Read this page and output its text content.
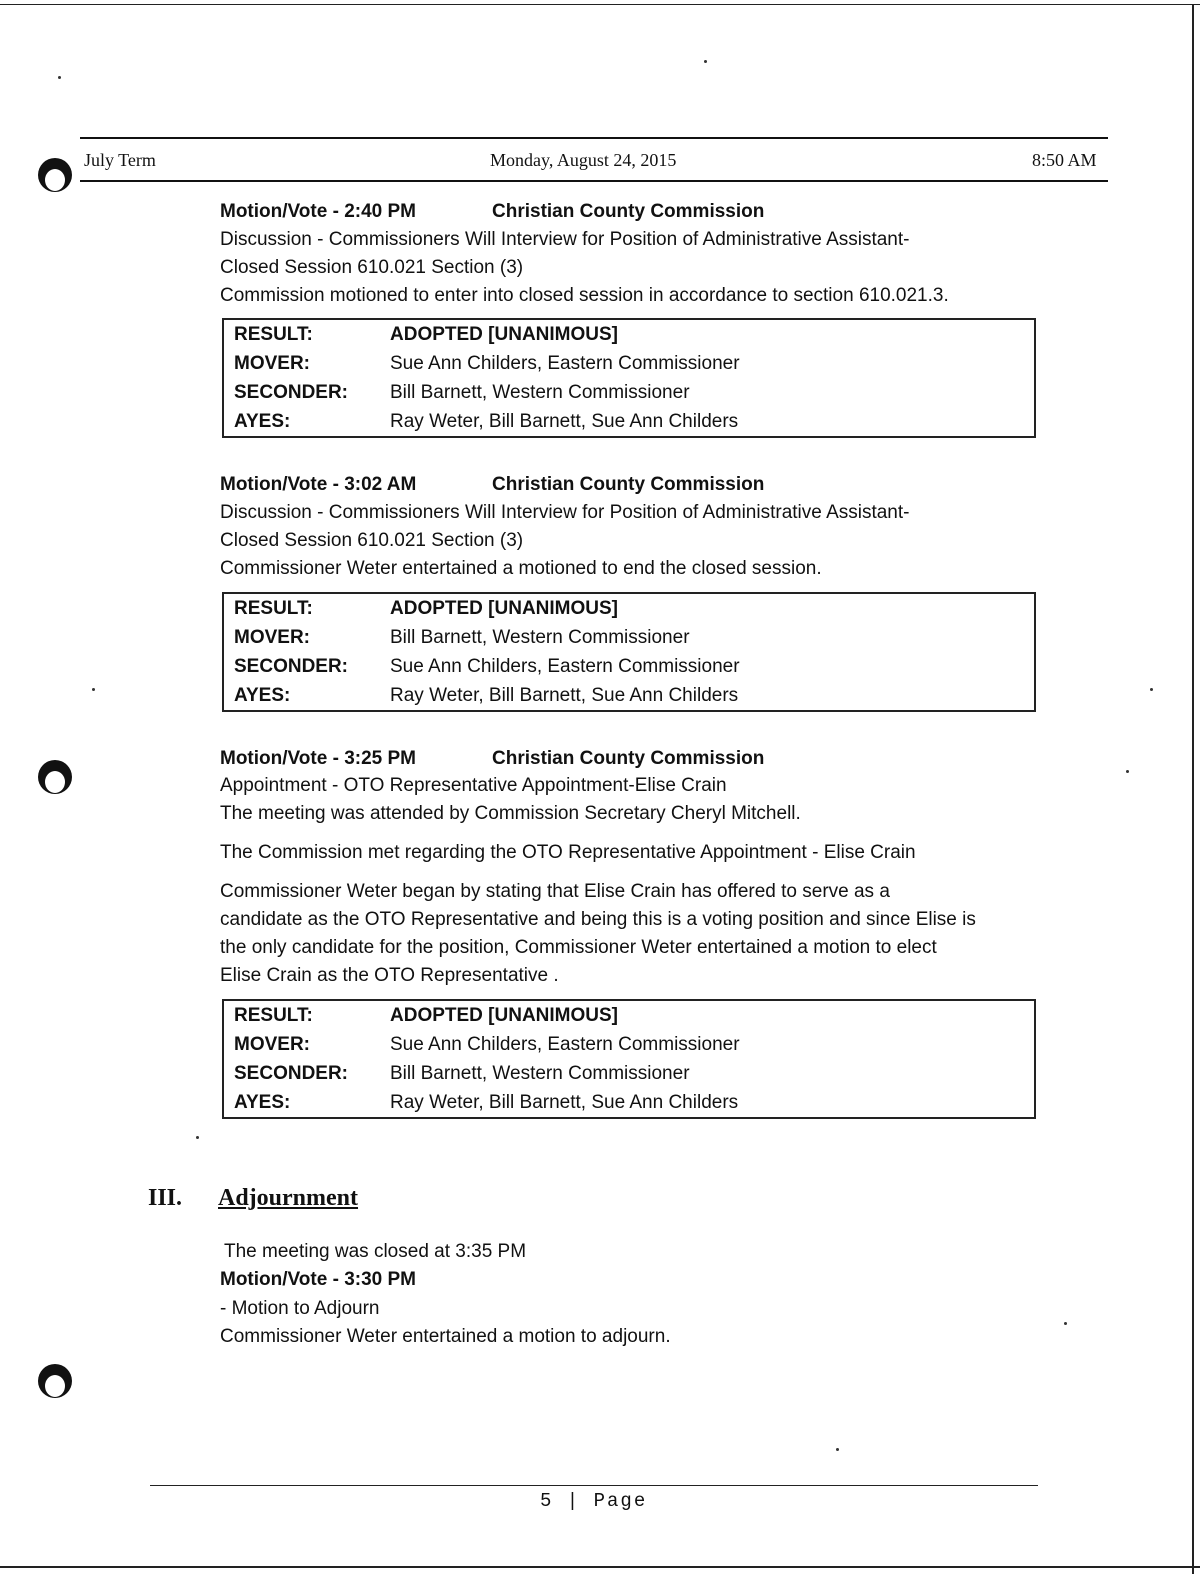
July Term	Monday, August 24, 2015	8:50 AM
Motion/Vote - 2:40 PM	Christian County Commission
Discussion - Commissioners Will Interview for Position of Administrative Assistant-
Closed Session 610.021 Section (3)
Commission motioned to enter into closed session in accordance to section 610.021.3.
RESULT:	ADOPTED [UNANIMOUS]
MOVER:	Sue Ann Childers, Eastern Commissioner
SECONDER: Bill Barnett, Western Commissioner
AYES:	Ray Weter, Bill Barnett, Sue Ann Childers
Motion/Vote - 3:02 AM	Christian County Commission
Discussion - Commissioners Will Interview for Position of Administrative Assistant-
Closed Session 610.021 Section (3)
Commissioner Weter entertained a motioned to end the closed session.
RESULT:	ADOPTED [UNANIMOUS]
MOVER:	Bill Barnett, Western Commissioner
SECONDER: Sue Ann Childers, Eastern Commissioner
AYES:	Ray Weter, Bill Barnett, Sue Ann Childers
Motion/Vote - 3:25 PM	Christian County Commission
Appointment - OTO Representative Appointment-Elise Crain
The meeting was attended by Commission Secretary Cheryl Mitchell.
The Commission met regarding the OTO Representative Appointment - Elise Crain
Commissioner Weter began by stating that Elise Crain has offered to serve as a
candidate as the OTO Representative and being this is a voting position and since Elise is
the only candidate for the position, Commissioner Weter entertained a motion to elect
Elise Crain as the OTO Representative .
RESULT:	ADOPTED [UNANIMOUS]
MOVER:	Sue Ann Childers, Eastern Commissioner
SECONDER: Bill Barnett, Western Commissioner
AYES:	Ray Weter, Bill Barnett, Sue Ann Childers
III. Adjournment
The meeting was closed at 3:35 PM
Motion/Vote - 3:30 PM
- Motion to Adjourn
Commissioner Weter entertained a motion to adjourn.
5 | Page
